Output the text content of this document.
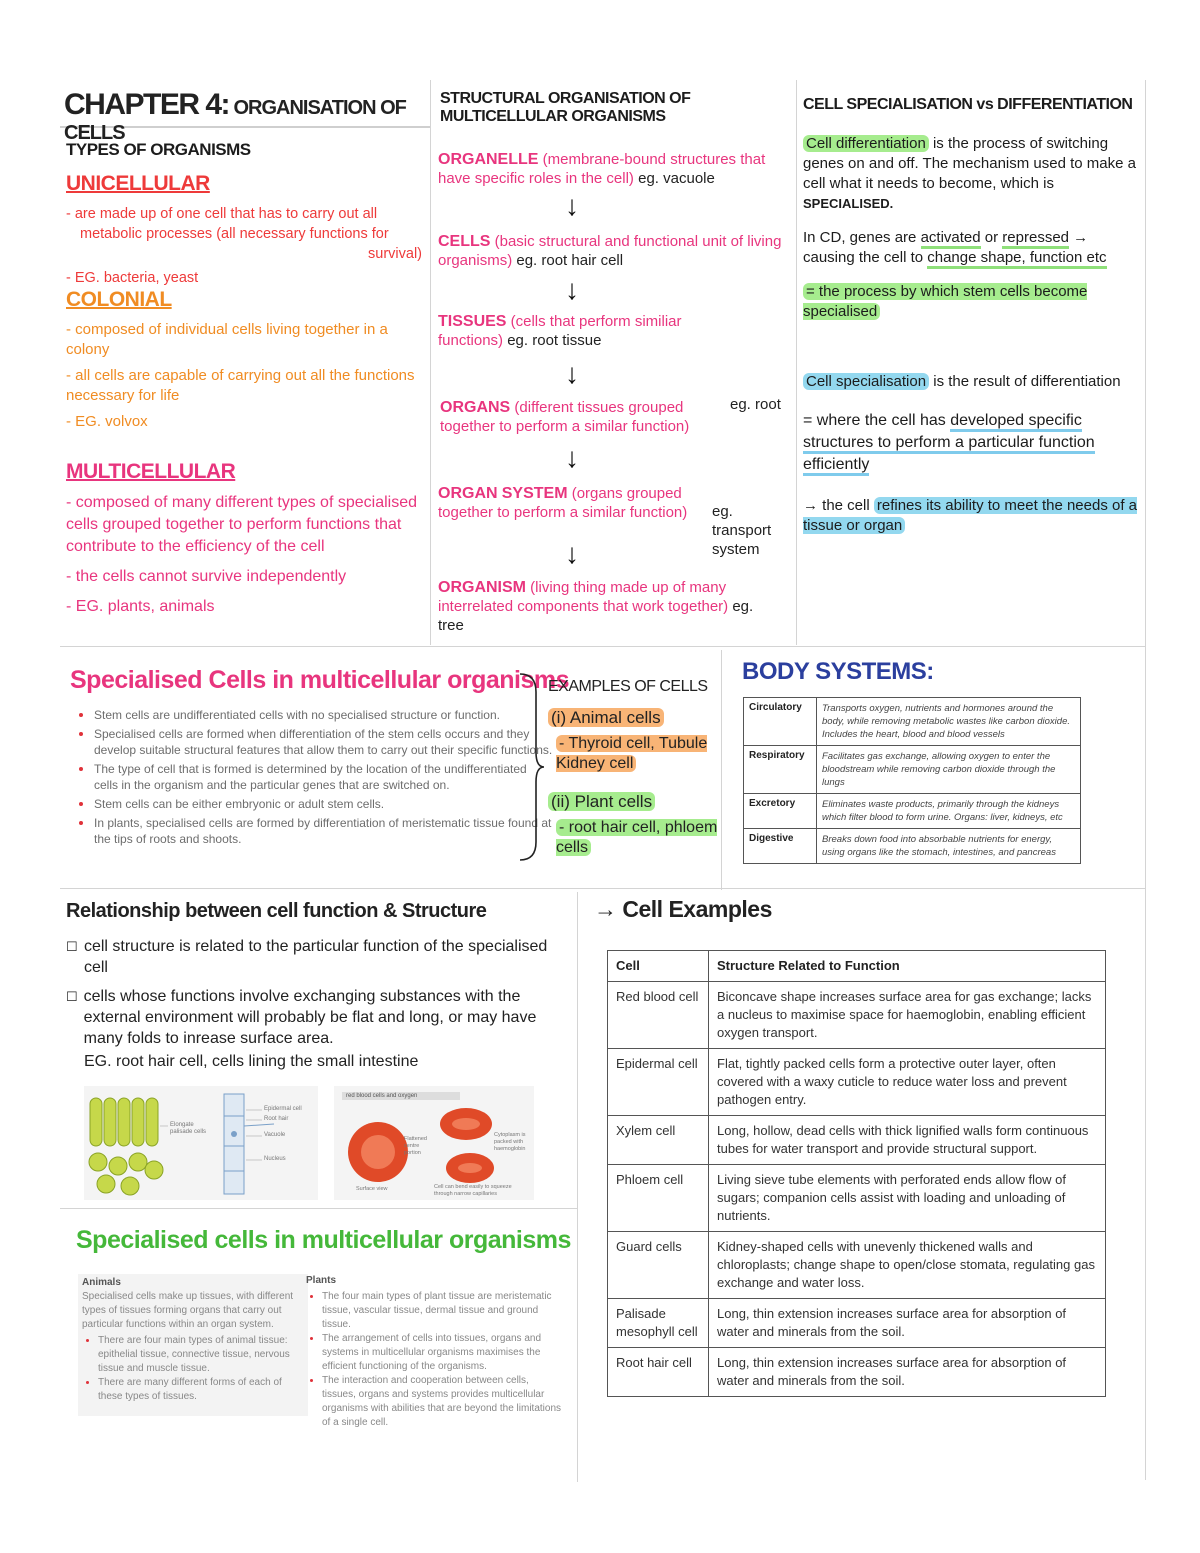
CHAPTER 4: ORGANISATION OF CELLS
TYPES OF ORGANISMS
UNICELLULAR
- are made up of one cell that has to carry out all
metabolic processes (all necessary functions for
survival)
- EG. bacteria, yeast
COLONIAL

- composed of individual cells living together in a colony

- all cells are capable of carrying out all the functions necessary for life

- EG. volvox

MULTICELLULAR

- composed of many different types of specialised cells grouped together to perform functions that contribute to the efficiency of the cell

- the cells cannot survive independently

- EG. plants, animals

STRUCTURAL ORGANISATION OF
MULTICELLULAR ORGANISMS
ORGANELLE (membrane-bound structures that have specific roles in the cell) eg. vacuole
↓
CELLS (basic structural and functional unit of living organisms) eg. root hair cell
↓
TISSUES (cells that perform similiar functions) eg. root tissue
↓
ORGANS (different tissues grouped together to perform a similar function)
eg. root
↓
ORGAN SYSTEM (organs grouped together to perform a similar function)	eg. transport system
↓
ORGANISM (living thing made up of many interrelated components that work together) eg. tree
CELL SPECIALISATION vs DIFFERENTIATION

Cell differentiation is the process of switching genes on and off. The mechanism used to make a cell what it needs to become, which is SPECIALISED.

In CD, genes are activated or repressed → causing the cell to change shape, function etc

= the process by which stem cells become specialised

Cell specialisation is the result of differentiation

= where the cell has developed specific structures to perform a particular function efficiently

→ the cell refines its ability to meet the needs of a tissue or organ

Specialised Cells in multicellular organisms
• Stem cells are undifferentiated cells with no specialised structure or function.
• Specialised cells are formed when differentiation of the stem cells occurs and they develop suitable structural features that allow them to carry out their specific functions.
• The type of cell that is formed is determined by the location of the undifferentiated cells in the organism and the particular genes that are switched on.
• Stem cells can be either embryonic or adult stem cells.
• In plants, specialised cells are formed by differentiation of meristematic tissue found at the tips of roots and shoots.
EXAMPLES OF CELLS
(i) Animal cells
- Thyroid cell, Tubule Kidney cell
(ii) Plant cells
- root hair cell, phloem cells
BODY SYSTEMS:
Circulatory	Transports oxygen, nutrients and hormones around the body, while removing metabolic wastes like carbon dioxide. Includes the heart, blood and blood vessels
Respiratory	Facilitates gas exchange, allowing oxygen to enter the bloodstream while removing carbon dioxide through the lungs
Excretory	Eliminates waste products, primarily through the kidneys which filter blood to form urine. Organs: liver, kidneys, etc
Digestive	Breaks down food into absorbable nutrients for energy, using organs like the stomach, intestines, and pancreas
Relationship between cell function & Structure
☐ cell structure is related to the particular function of the specialised cell
☐ cells whose functions involve exchanging substances with the external environment will probably be flat and long, or may have many folds to inrease surface area.
EG. root hair cell, cells lining the small intestine
Elongate palisade cells
Epidermal cell
Root hair
Vacuole
Nucleus
red blood cells and oxygen
Flattened centre portion
Cytoplasm is packed with haemoglobin
Surface view	Cell can bend easily to squeeze through narrow capillaries
Specialised cells in multicellular organisms
Animals
Specialised cells make up tissues, with different types of tissues forming organs that carry out particular functions within an organ system.
• There are four main types of animal tissue: epithelial tissue, connective tissue, nervous tissue and muscle tissue.
• There are many different forms of each of these types of tissues.
Plants
• The four main types of plant tissue are meristematic tissue, vascular tissue, dermal tissue and ground tissue.
• The arrangement of cells into tissues, organs and systems in multicellular organisms maximises the efficient functioning of the organisms.
• The interaction and cooperation between cells, tissues, organs and systems provides multicellular organisms with abilities that are beyond the limitations of a single cell.
→ Cell Examples
Cell	Structure Related to Function
Red blood cell	Biconcave shape increases surface area for gas exchange; lacks a nucleus to maximise space for haemoglobin, enabling efficient oxygen transport.
Epidermal cell	Flat, tightly packed cells form a protective outer layer, often covered with a waxy cuticle to reduce water loss and prevent pathogen entry.
Xylem cell	Long, hollow, dead cells with thick lignified walls form continuous tubes for water transport and provide structural support.
Phloem cell	Living sieve tube elements with perforated ends allow flow of sugars; companion cells assist with loading and unloading of nutrients.
Guard cells	Kidney-shaped cells with unevenly thickened walls and chloroplasts; change shape to open/close stomata, regulating gas exchange and water loss.
Palisade mesophyll cell	Long, thin extension increases surface area for absorption of water and minerals from the soil.
Root hair cell	Long, thin extension increases surface area for absorption of water and minerals from the soil.
